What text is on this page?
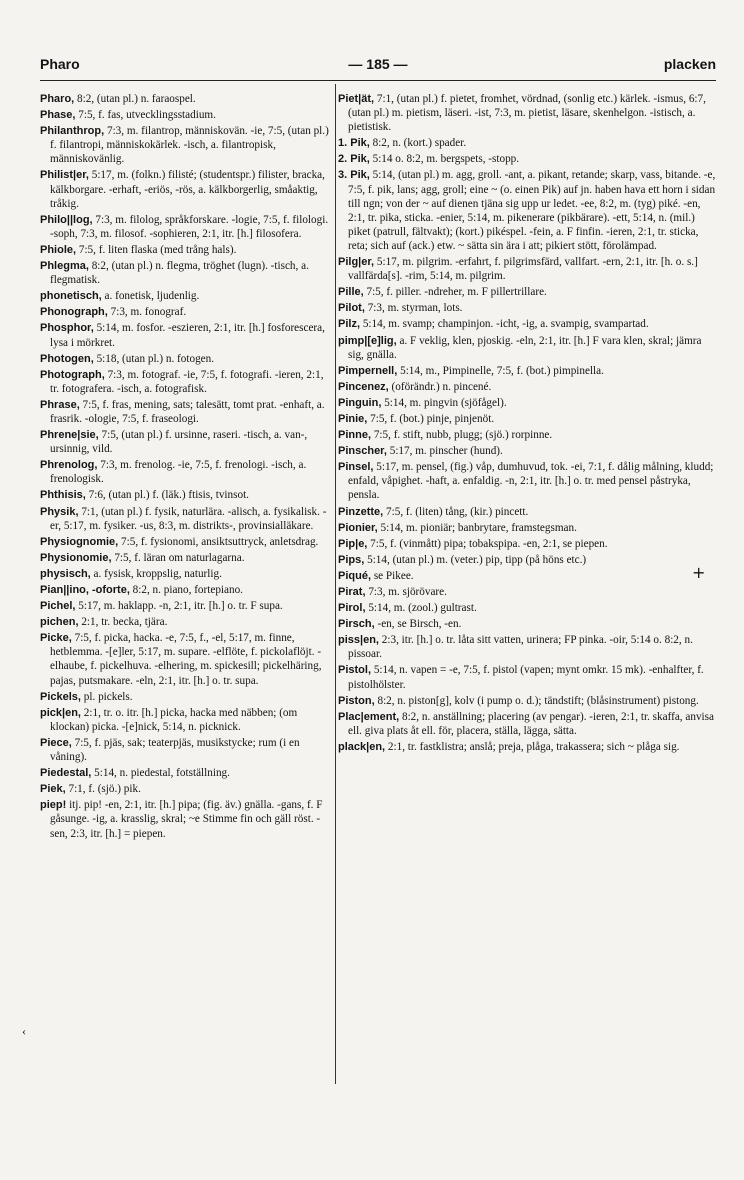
Pharo	— 185 —	placken
Pharo, 8:2, (utan pl.) n. faraospel.
Phase, 7:5, f. fas, utvecklingsstadium.
Philanthrop, 7:3, m. filantrop, människovän. -ie, 7:5, (utan pl.) f. filantropi, människokärlek. -isch, a. filantropisk, människovänlig.
Philist|er, 5:17, m. (folkn.) filisté; (studentspr.) filister, bracka, kälkborgare. -erhaft, -eriös, -rös, a. kälkborgerlig, småaktig, tråkig.
Philo||log, 7:3, m. filolog, språkforskare. -logie, 7:5, f. filologi. -soph, 7:3, m. filosof. -sophieren, 2:1, itr. [h.] filosofera.
Phiole, 7:5, f. liten flaska (med trång hals).
Phlegma, 8:2, (utan pl.) n. flegma, tröghet (lugn). -tisch, a. flegmatisk.
phonetisch, a. fonetisk, ljudenlig.
Phonograph, 7:3, m. fonograf.
Phosphor, 5:14, m. fosfor. -eszieren, 2:1, itr. [h.] fosforescera, lysa i mörkret.
Photogen, 5:18, (utan pl.) n. fotogen.
Photograph, 7:3, m. fotograf. -ie, 7:5, f. fotografi. -ieren, 2:1, tr. fotografera. -isch, a. fotografisk.
Phrase, 7:5, f. fras, mening, sats; talesätt, tomt prat. -enhaft, a. frasrik. -ologie, 7:5, f. fraseologi.
Phrene|sie, 7:5, (utan pl.) f. ursinne, raseri. -tisch, a. van-, ursinnig, vild.
Phrenolog, 7:3, m. frenolog. -ie, 7:5, f. frenologi. -isch, a. frenologisk.
Phthisis, 7:6, (utan pl.) f. (läk.) ftisis, tvinsot.
Physik, 7:1, (utan pl.) f. fysik, naturlära. -alisch, a. fysikalisk. -er, 5:17, m. fysiker. -us, 8:3, m. distrikts-, provinsialläkare.
Physiognomie, 7:5, f. fysionomi, ansiktsuttryck, anletsdrag.
Physionomie, 7:5, f. läran om naturlagarna.
physisch, a. fysisk, kroppslig, naturlig.
Pian||ino, -oforte, 8:2, n. piano, fortepiano.
Pichel, 5:17, m. haklapp. -n, 2:1, itr. [h.] o. tr. F supa.
pichen, 2:1, tr. becka, tjära.
Picke, 7:5, f. picka, hacka. -e, 7:5, f., -el, 5:17, m. finne, hetblemma. -[e]ler, 5:17, m. supare. -elflöte, f. pickolaflöjt. -elhaube, f. pickelhuva. -elhering, m. spickesill; pickelhäring, pajas, putsmakare. -eln, 2:1, itr. [h.] o. tr. supa.
Pickels, pl. pickels.
pick|en, 2:1, tr. o. itr. [h.] picka, hacka med näbben; (om klockan) picka. -[e]nick, 5:14, n. picknick.
Piece, 7:5, f. pjäs, sak; teaterpjäs, musikstycke; rum (i en våning).
Piedestal, 5:14, n. piedestal, fotställning.
Piek, 7:1, f. (sjö.) pik.
piep! itj. pip! -en, 2:1, itr. [h.] pipa; (fig. äv.) gnälla. -gans, f. F gåsunge. -ig, a. krasslig, skral; ~e Stimme fin och gäll röst. -sen, 2:3, itr. [h.] = piepen.
Piet|ät, 7:1, (utan pl.) f. pietet, fromhet, vördnad, (sonlig etc.) kärlek. -ismus, 6:7, (utan pl.) m. pietism, läseri. -ist, 7:3, m. pietist, läsare, skenhelgon. -istisch, a. pietistisk.
1. Pik, 8:2, n. (kort.) spader.
2. Pik, 5:14 o. 8:2, m. bergspets, -stopp.
3. Pik, 5:14, (utan pl.) m. agg, groll. -ant, a. pikant, retande; skarp, vass, bitande. -e, 7:5, f. pik, lans; agg, groll; eine ~ (o. einen Pik) auf jn. haben hava ett horn i sidan till ngn; von der ~ auf dienen tjäna sig upp ur ledet. -ee, 8:2, m. (tyg) piké. -en, 2:1, tr. pika, sticka. -enier, 5:14, m. pikenerare (pikbärare). -ett, 5:14, n. (mil.) piket (patrull, fältvakt); (kort.) pikéspel. -fein, a. F finfin. -ieren, 2:1, tr. sticka, reta; sich auf (ack.) etw. ~ sätta sin ära i att; pikiert stött, förolämpad.
Pilg|er, 5:17, m. pilgrim. -erfahrt, f. pilgrimsfärd, vallfart. -ern, 2:1, itr. [h. o. s.] vallfärda[s]. -rim, 5:14, m. pilgrim.
Pille, 7:5, f. piller. -ndreher, m. F pillertrillare.
Pilot, 7:3, m. styrman, lots.
Pilz, 5:14, m. svamp; champinjon. -icht, -ig, a. svampig, svampartad.
pimp|[e]lig, a. F veklig, klen, pjoskig. -eln, 2:1, itr. [h.] F vara klen, skral; jämra sig, gnälla.
Pimpernell, 5:14, m., Pimpinelle, 7:5, f. (bot.) pimpinella.
Pincenez, (oförändr.) n. pincené.
Pinguin, 5:14, m. pingvin (sjöfågel).
Pinie, 7:5, f. (bot.) pinje, pinjenöt.
Pinne, 7:5, f. stift, nubb, plugg; (sjö.) rorpinne.
Pinscher, 5:17, m. pinscher (hund).
Pinsel, 5:17, m. pensel, (fig.) våp, dumhuvud, tok. -ei, 7:1, f. dålig målning, kludd; enfald, våpighet. -haft, a. enfaldig. -n, 2:1, itr. [h.] o. tr. med pensel påstryka, pensla.
Pinzette, 7:5, f. (liten) tång, (kir.) pincett.
Pionier, 5:14, m. pioniär; banbrytare, framstegsman.
Pip|e, 7:5, f. (vinmått) pipa; tobakspipa. -en, 2:1, se piepen.
Pips, 5:14, (utan pl.) m. (veter.) pip, tipp (på höns etc.)
Piqué, se Pikee.
Pirat, 7:3, m. sjörövare.
Pirol, 5:14, m. (zool.) gultrast.
Pirsch, -en, se Birsch, -en.
piss|en, 2:3, itr. [h.] o. tr. låta sitt vatten, urinera; FP pinka. -oir, 5:14 o. 8:2, n. pissoar.
Pistol, 5:14, n. vapen = -e, 7:5, f. pistol (vapen; mynt omkr. 15 mk). -enhalfter, f. pistolhölster.
Piston, 8:2, n. piston[g], kolv (i pump o. d.); tändstift; (blåsinstrument) pistong.
Plac|ement, 8:2, n. anställning; placering (av pengar). -ieren, 2:1, tr. skaffa, anvisa ell. giva plats åt ell. för, placera, ställa, lägga, sätta.
plack|en, 2:1, tr. fastklistra; anslå; preja, plåga, trakassera; sich ~ plåga sig.
+
‹
